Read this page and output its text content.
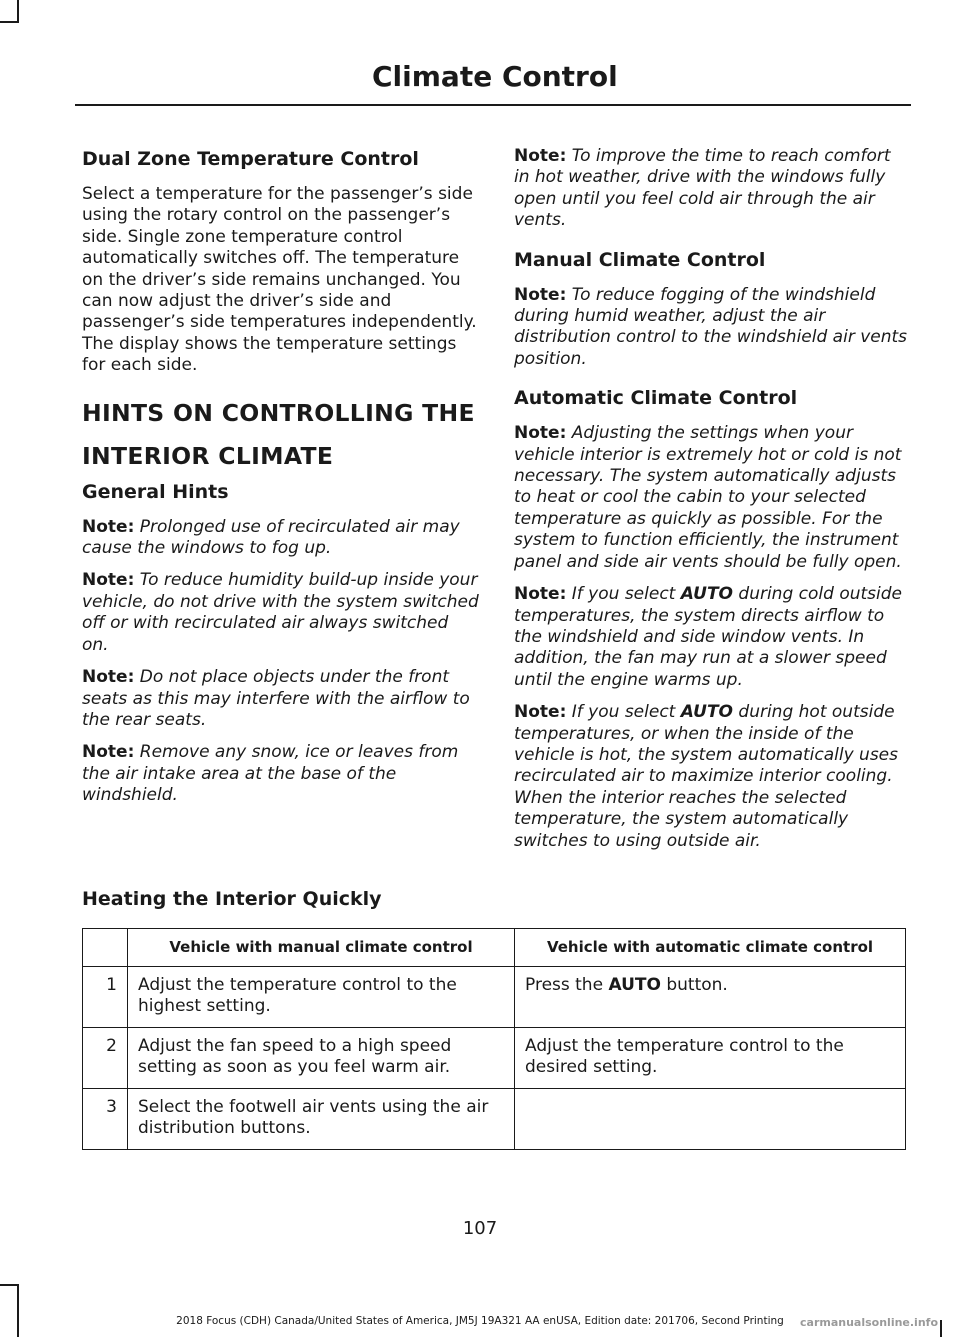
Climate Control
Dual Zone Temperature Control

Select a temperature for the passenger’s side using the rotary control on the passenger’s side. Single zone temperature control automatically switches off. The temperature on the driver’s side remains unchanged. You can now adjust the driver’s side and passenger’s side temperatures independently. The display shows the temperature settings for each side.

HINTS ON CONTROLLING THE
INTERIOR CLIMATE
General Hints

Note: Prolonged use of recirculated air may cause the windows to fog up.

Note: To reduce humidity build-up inside your vehicle, do not drive with the system switched off or with recirculated air always switched on.

Note: Do not place objects under the front seats as this may interfere with the airflow to the rear seats.

Note: Remove any snow, ice or leaves from the air intake area at the base of the windshield.

Note: To improve the time to reach comfort in hot weather, drive with the windows fully open until you feel cold air through the air vents.

Manual Climate Control

Note: To reduce fogging of the windshield during humid weather, adjust the air distribution control to the windshield air vents position.

Automatic Climate Control

Note: Adjusting the settings when your vehicle interior is extremely hot or cold is not necessary. The system automatically adjusts to heat or cool the cabin to your selected temperature as quickly as possible. For the system to function efficiently, the instrument panel and side air vents should be fully open.

Note: If you select AUTO during cold outside temperatures, the system directs airflow to the windshield and side window vents. In addition, the fan may run at a slower speed until the engine warms up.

Note: If you select AUTO during hot outside temperatures, or when the inside of the vehicle is hot, the system automatically uses recirculated air to maximize interior cooling. When the interior reaches the selected temperature, the system automatically switches to using outside air.

Heating the Interior Quickly
	Vehicle with manual climate control	Vehicle with automatic climate control
1	Adjust the temperature control to the highest setting.	Press the AUTO button.
2	Adjust the fan speed to a high speed setting as soon as you feel warm air.	Adjust the temperature control to the desired setting.
3	Select the footwell air vents using the air distribution buttons.	
107
2018 Focus (CDH) Canada/United States of America, JM5J 19A321 AA enUSA, Edition date: 201706, Second Printing	carmanualsonline.info
